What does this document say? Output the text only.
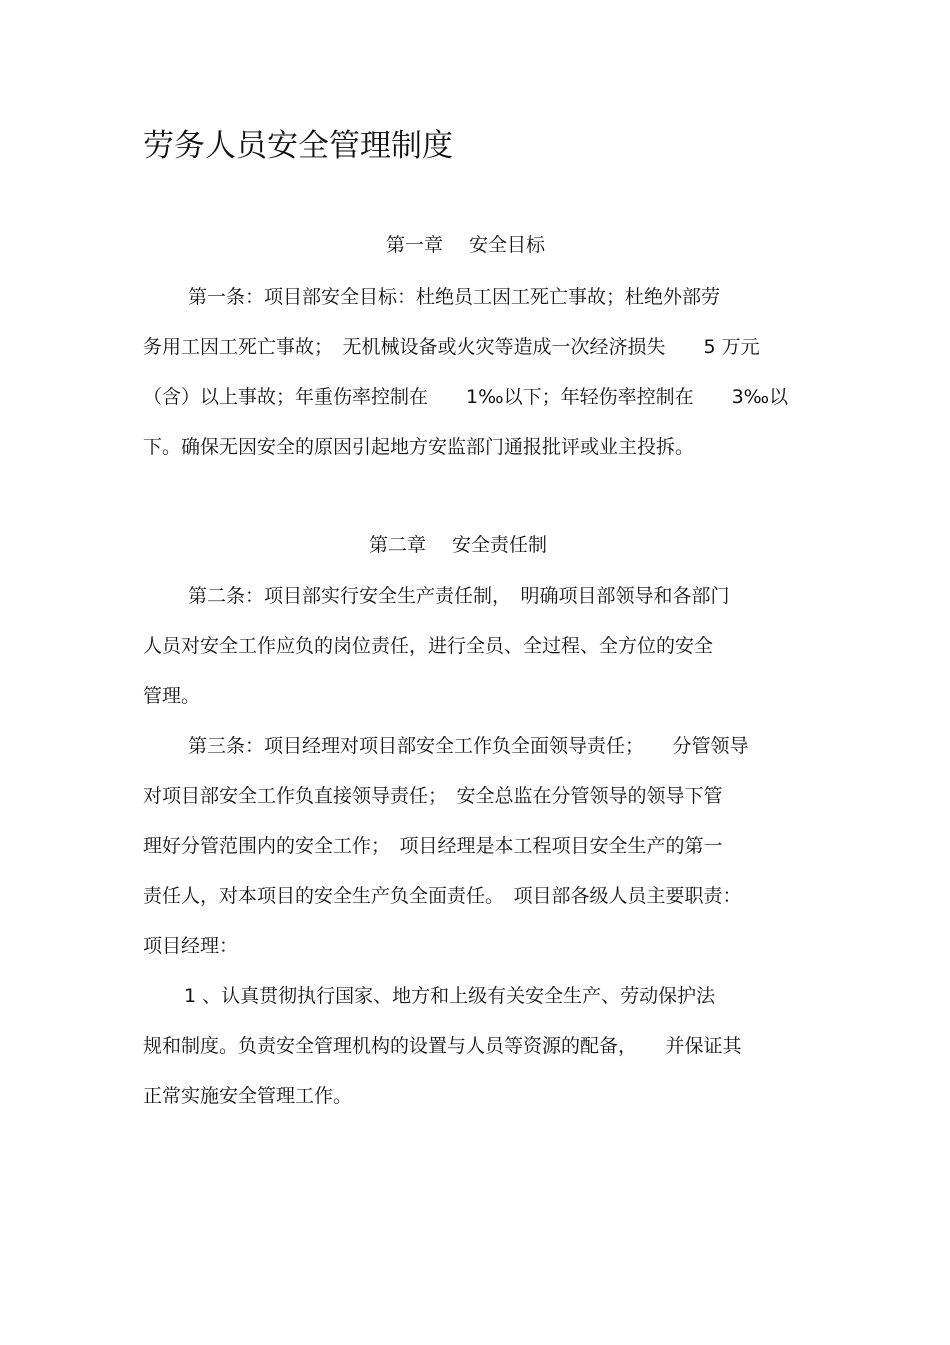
劳务人员安全管理制度
第一章 安全目标

第一条：项目部安全目标：杜绝员工因工死亡事故；杜绝外部劳

务用工因工死亡事故；　无机械设备或火灾等造成一次经济损失　　5 万元

（含）以上事故；年重伤率控制在　　1‰以下；年轻伤率控制在　　3‰以

下。确保无因安全的原因引起地方安监部门通报批评或业主投拆。

第二章 安全责任制

第二条：项目部实行安全生产责任制，　明确项目部领导和各部门

人员对安全工作应负的岗位责任，进行全员、全过程、全方位的安全

管理。

第三条：项目经理对项目部安全工作负全面领导责任；　　分管领导

对项目部安全工作负直接领导责任；　安全总监在分管领导的领导下管

理好分管范围内的安全工作；　项目经理是本工程项目安全生产的第一

责任人，对本项目的安全生产负全面责任。　项目部各级人员主要职责：

项目经理：

1 、认真贯彻执行国家、地方和上级有关安全生产、劳动保护法

规和制度。负责安全管理机构的设置与人员等资源的配备，　　并保证其

正常实施安全管理工作。
